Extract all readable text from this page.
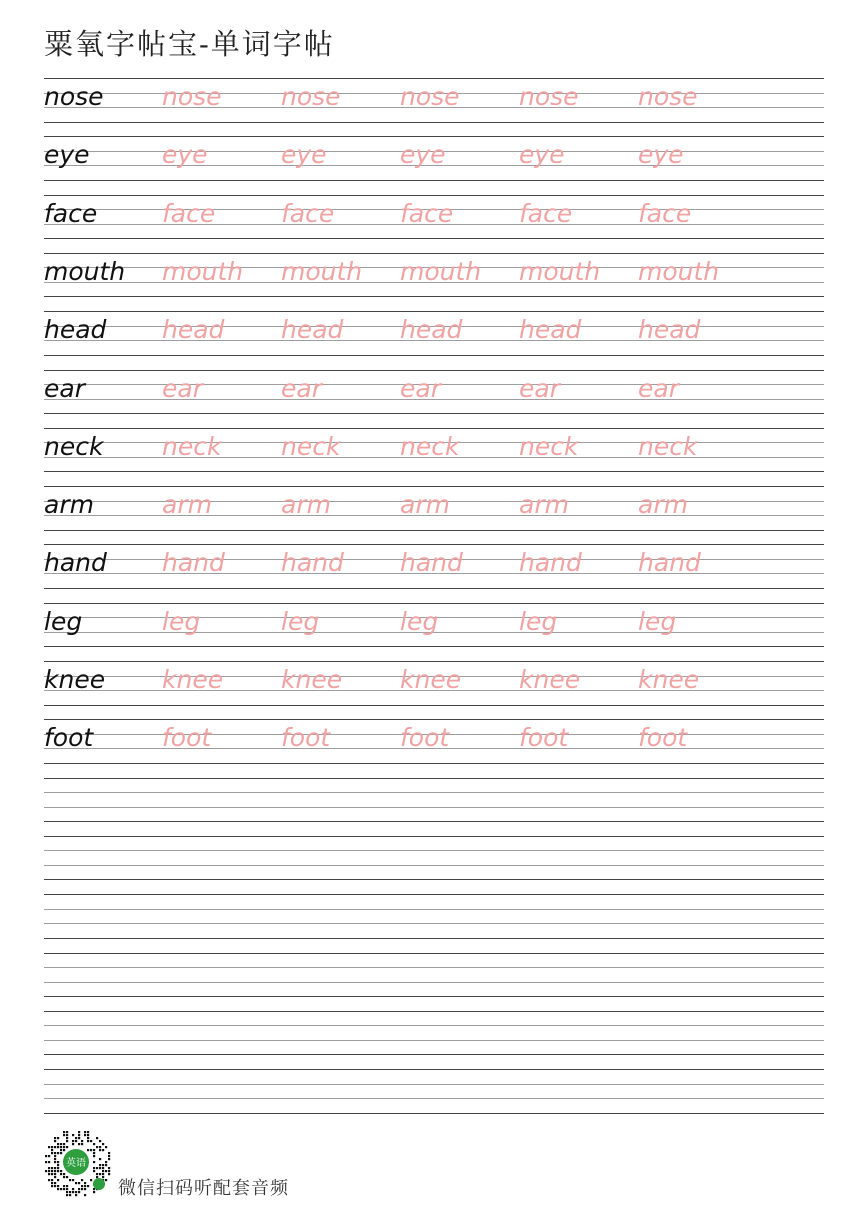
粟氧字帖宝-单词字帖
nose nose nose nose nose nose
eye	eye	eye	eye	eye	eye
face	face	face	face	face	face
mouth mouth mouth mouth mouth mouth
head head head head head head
ear	ear	ear	ear	ear	ear
neck neck neck neck neck neck
arm	arm	arm	arm	arm	arm
hand hand hand hand hand hand
leg	leg	leg	leg	leg	leg
knee knee knee knee knee knee
foot	foot	foot	foot	foot	foot
英语
微信扫码听配套音频
